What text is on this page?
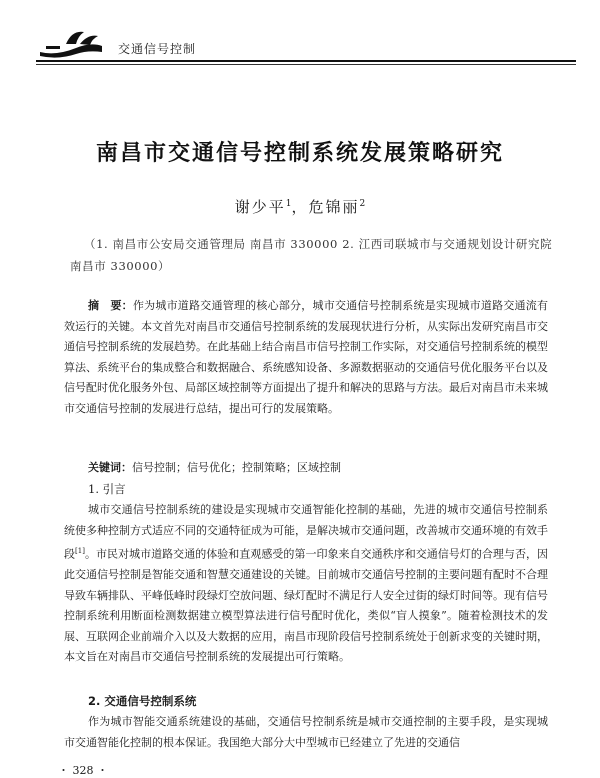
交通信号控制
南昌市交通信号控制系统发展策略研究
谢少平$^1$，危锦丽$^2$
（1. 南昌市公安局交通管理局 南昌市 330000 2. 江西司联城市与交通规划设计研究院 南昌市 330000）
摘　要：作为城市道路交通管理的核心部分，城市交通信号控制系统是实现城市道路交通流有效运行的关键。本文首先对南昌市交通信号控制系统的发展现状进行分析，从实际出发研究南昌市交通信号控制系统的发展趋势。在此基础上结合南昌市信号控制工作实际，对交通信号控制系统的模型算法、系统平台的集成整合和数据融合、系统感知设备、多源数据驱动的交通信号优化服务平台以及信号配时优化服务外包、局部区域控制等方面提出了提升和解决的思路与方法。最后对南昌市未来城市交通信号控制的发展进行总结，提出可行的发展策略。
关键词：信号控制；信号优化；控制策略；区域控制
1. 引言
城市交通信号控制系统的建设是实现城市交通智能化控制的基础，先进的城市交通信号控制系统使多种控制方式适应不同的交通特征成为可能，是解决城市交通问题，改善城市交通环境的有效手段[1]。市民对城市道路交通的体验和直观感受的第一印象来自交通秩序和交通信号灯的合理与否，因此交通信号控制是智能交通和智慧交通建设的关键。目前城市交通信号控制的主要问题有配时不合理导致车辆排队、平峰低峰时段绿灯空放问题、绿灯配时不满足行人安全过街的绿灯时间等。现有信号控制系统利用断面检测数据建立模型算法进行信号配时优化，类似“盲人摸象”。随着检测技术的发展、互联网企业前端介入以及大数据的应用，南昌市现阶段信号控制系统处于创新求变的关键时期，本文旨在对南昌市交通信号控制系统的发展提出可行策略。
2. 交通信号控制系统
作为城市智能交通系统建设的基础，交通信号控制系统是城市交通控制的主要手段，是实现城市交通智能化控制的根本保证。我国绝大部分大中型城市已经建立了先进的交通信
・ 328 ・
